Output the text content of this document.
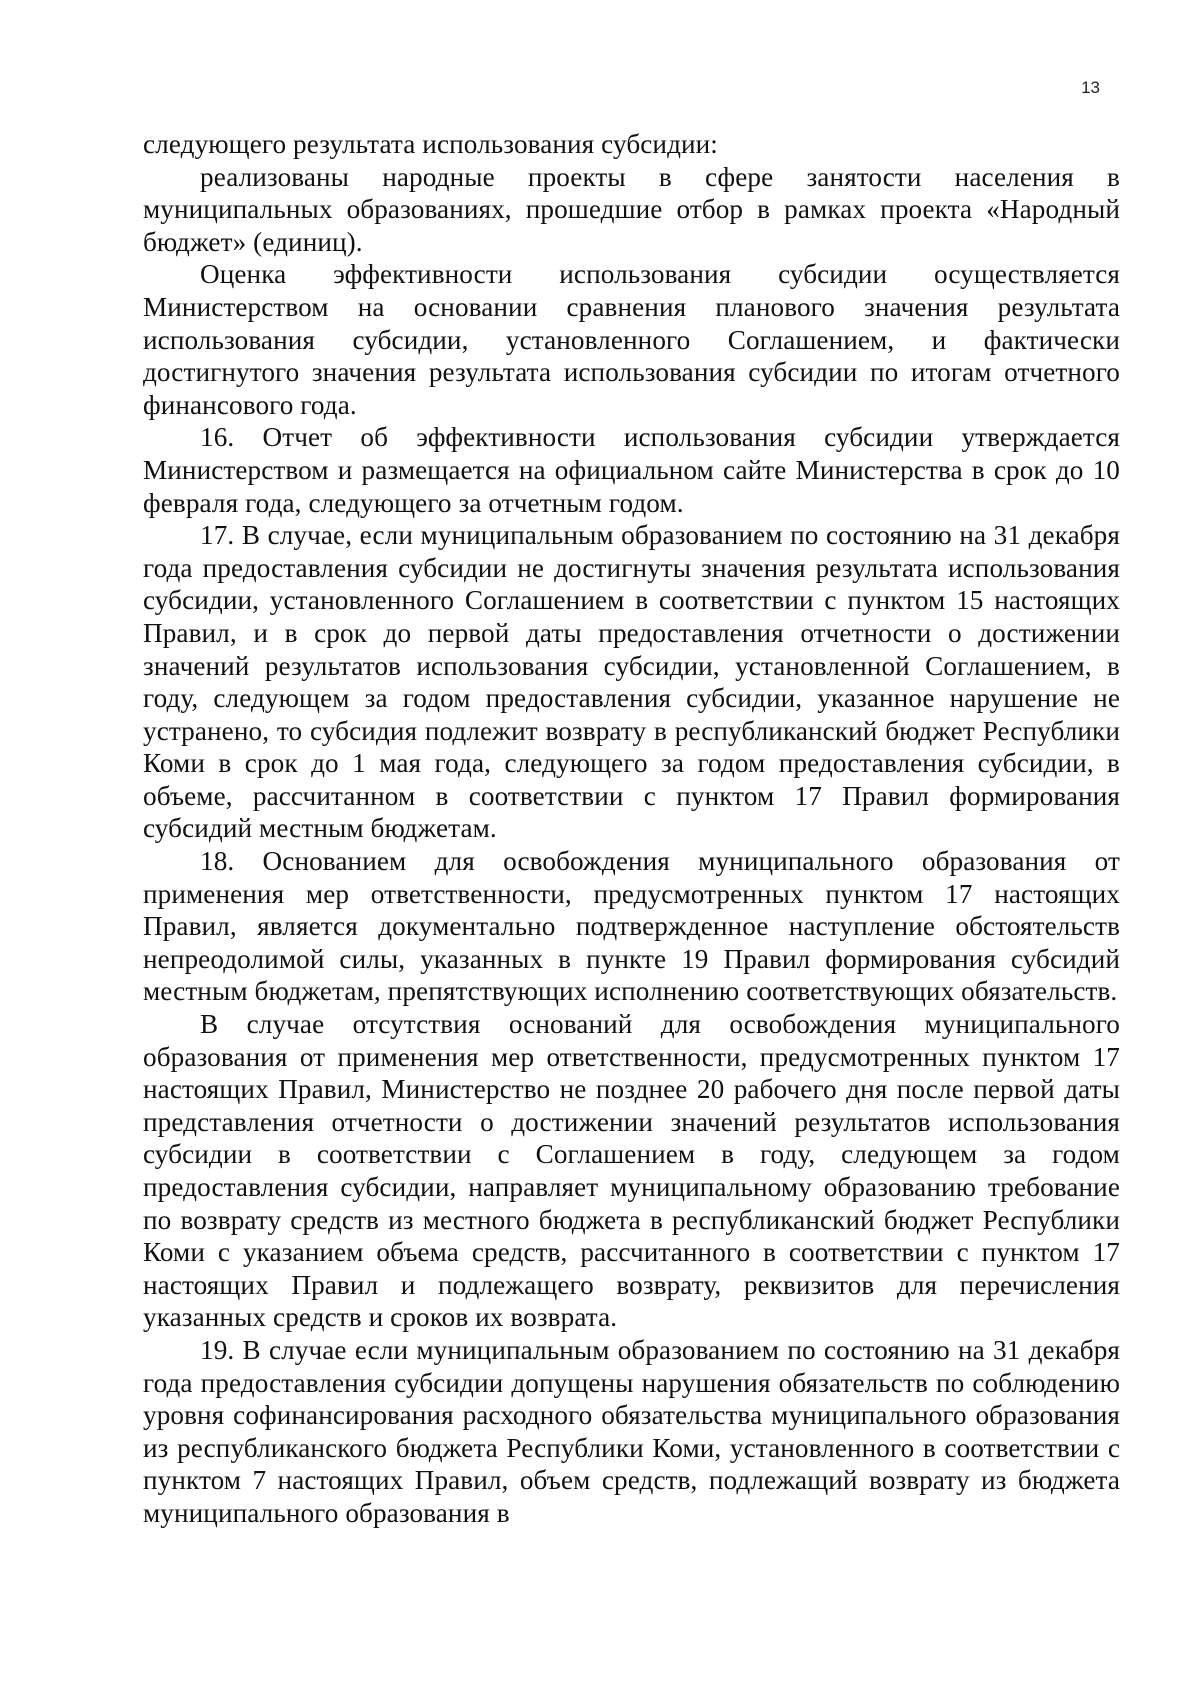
13

следующего результата использования субсидии:

реализованы народные проекты в сфере занятости населения в муниципальных образованиях, прошедшие отбор в рамках проекта «Народный бюджет» (единиц).

Оценка эффективности использования субсидии осуществляется Министерством на основании сравнения планового значения результата использования субсидии, установленного Соглашением, и фактически достигнутого значения результата использования субсидии по итогам отчетного финансового года.

16. Отчет об эффективности использования субсидии утверждается Министерством и размещается на официальном сайте Министерства в срок до 10 февраля года, следующего за отчетным годом.

17. В случае, если муниципальным образованием по состоянию на 31 декабря года предоставления субсидии не достигнуты значения результата использования субсидии, установленного Соглашением в соответствии с пунктом 15 настоящих Правил, и в срок до первой даты предоставления отчетности о достижении значений результатов использования субсидии, установленной Соглашением, в году, следующем за годом предоставления субсидии, указанное нарушение не устранено, то субсидия подлежит возврату в республиканский бюджет Республики Коми в срок до 1 мая года, следующего за годом предоставления субсидии, в объеме, рассчитанном в соответствии с пунктом 17 Правил формирования субсидий местным бюджетам.

18. Основанием для освобождения муниципального образования от применения мер ответственности, предусмотренных пунктом 17 настоящих Правил, является документально подтвержденное наступление обстоятельств непреодолимой силы, указанных в пункте 19 Правил формирования субсидий местным бюджетам, препятствующих исполнению соответствующих обязательств.

В случае отсутствия оснований для освобождения муниципального образования от применения мер ответственности, предусмотренных пунктом 17 настоящих Правил, Министерство не позднее 20 рабочего дня после первой даты представления отчетности о достижении значений результатов использования субсидии в соответствии с Соглашением в году, следующем за годом предоставления субсидии, направляет муниципальному образованию требование по возврату средств из местного бюджета в республиканский бюджет Республики Коми с указанием объема средств, рассчитанного в соответствии с пунктом 17 настоящих Правил и подлежащего возврату, реквизитов для перечисления указанных средств и сроков их возврата.

19. В случае если муниципальным образованием по состоянию на 31 декабря года предоставления субсидии допущены нарушения обязательств по соблюдению уровня софинансирования расходного обязательства муниципального образования из республиканского бюджета Республики Коми, установленного в соответствии с пунктом 7 настоящих Правил, объем средств, подлежащий возврату из бюджета муниципального образования в
